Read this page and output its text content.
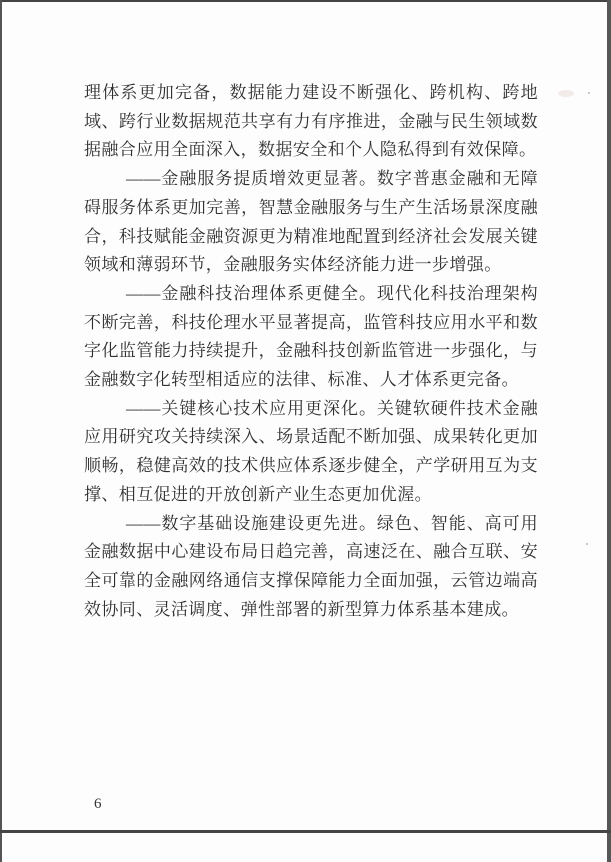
理体系更加完备，数据能力建设不断强化、跨机构、跨地域、跨行业数据规范共享有力有序推进，金融与民生领域数据融合应用全面深入，数据安全和个人隐私得到有效保障。

——金融服务提质增效更显著。数字普惠金融和无障碍服务体系更加完善，智慧金融服务与生产生活场景深度融合，科技赋能金融资源更为精准地配置到经济社会发展关键领域和薄弱环节，金融服务实体经济能力进一步增强。

——金融科技治理体系更健全。现代化科技治理架构不断完善，科技伦理水平显著提高，监管科技应用水平和数字化监管能力持续提升，金融科技创新监管进一步强化，与金融数字化转型相适应的法律、标准、人才体系更完备。

——关键核心技术应用更深化。关键软硬件技术金融应用研究攻关持续深入、场景适配不断加强、成果转化更加顺畅，稳健高效的技术供应体系逐步健全，产学研用互为支撑、相互促进的开放创新产业生态更加优渥。

——数字基础设施建设更先进。绿色、智能、高可用金融数据中心建设布局日趋完善，高速泛在、融合互联、安全可靠的金融网络通信支撑保障能力全面加强，云管边端高效协同、灵活调度、弹性部署的新型算力体系基本建成。

6
